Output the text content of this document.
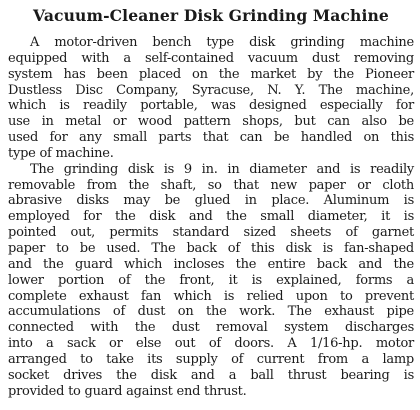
Vacuum-Cleaner Disk Grinding Machine
A motor-driven bench type disk grinding machine
equipped with a self-contained vacuum dust removing
system has been placed on the market by the Pioneer
Dustless Disc Company, Syracuse, N. Y. The machine,
which is readily portable, was designed especially for
use in metal or wood pattern shops, but can also be
used for any small parts that can be handled on this
type of machine.
The grinding disk is 9 in. in diameter and is readily
removable from the shaft, so that new paper or cloth
abrasive disks may be glued in place. Aluminum is
employed for the disk and the small diameter, it is
pointed out, permits standard sized sheets of garnet
paper to be used. The back of this disk is fan-shaped
and the guard which incloses the entire back and the
lower portion of the front, it is explained, forms a
complete exhaust fan which is relied upon to prevent
accumulations of dust on the work. The exhaust pipe
connected with the dust removal system discharges
into a sack or else out of doors. A 1/16-hp. motor
arranged to take its supply of current from a lamp
socket drives the disk and a ball thrust bearing is
provided to guard against end thrust.
